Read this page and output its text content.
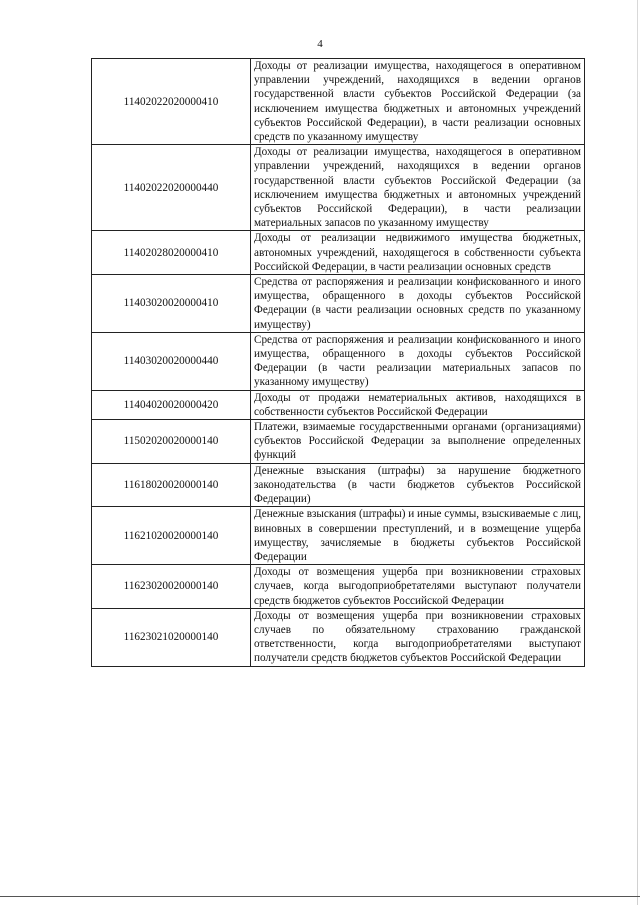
4
11402022020000410	Доходы от реализации имущества, находящегося в оперативном управлении учреждений, находящихся в ведении органов государственной власти субъектов Российской Федерации (за исключением имущества бюджетных и автономных учреждений субъектов Российской Федерации), в части реализации основных средств по указанному имуществу
11402022020000440	Доходы от реализации имущества, находящегося в оперативном управлении учреждений, находящихся в ведении органов государственной власти субъектов Российской Федерации (за исключением имущества бюджетных и автономных учреждений субъектов Российской Федерации), в части реализации материальных запасов по указанному имуществу
11402028020000410	Доходы от реализации недвижимого имущества бюджетных, автономных учреждений, находящегося в собственности субъекта Российской Федерации, в части реализации основных средств
11403020020000410	Средства от распоряжения и реализации конфискованного и иного имущества, обращенного в доходы субъектов Российской Федерации (в части реализации основных средств по указанному имуществу)
11403020020000440	Средства от распоряжения и реализации конфискованного и иного имущества, обращенного в доходы субъектов Российской Федерации (в части реализации материальных запасов по указанному имуществу)
11404020020000420	Доходы от продажи нематериальных активов, находящихся в собственности субъектов Российской Федерации
11502020020000140	Платежи, взимаемые государственными органами (организациями) субъектов Российской Федерации за выполнение определенных функций
11618020020000140	Денежные взыскания (штрафы) за нарушение бюджетного законодательства (в части бюджетов субъектов Российской Федерации)
11621020020000140	Денежные взыскания (штрафы) и иные суммы, взыскиваемые с лиц, виновных в совершении преступлений, и в возмещение ущерба имуществу, зачисляемые в бюджеты субъектов Российской Федерации
11623020020000140	Доходы от возмещения ущерба при возникновении страховых случаев, когда выгодоприобретателями выступают получатели средств бюджетов субъектов Российской Федерации
11623021020000140	Доходы от возмещения ущерба при возникновении страховых случаев по обязательному страхованию гражданской ответственности, когда выгодоприобретателями выступают получатели средств бюджетов субъектов Российской Федерации
